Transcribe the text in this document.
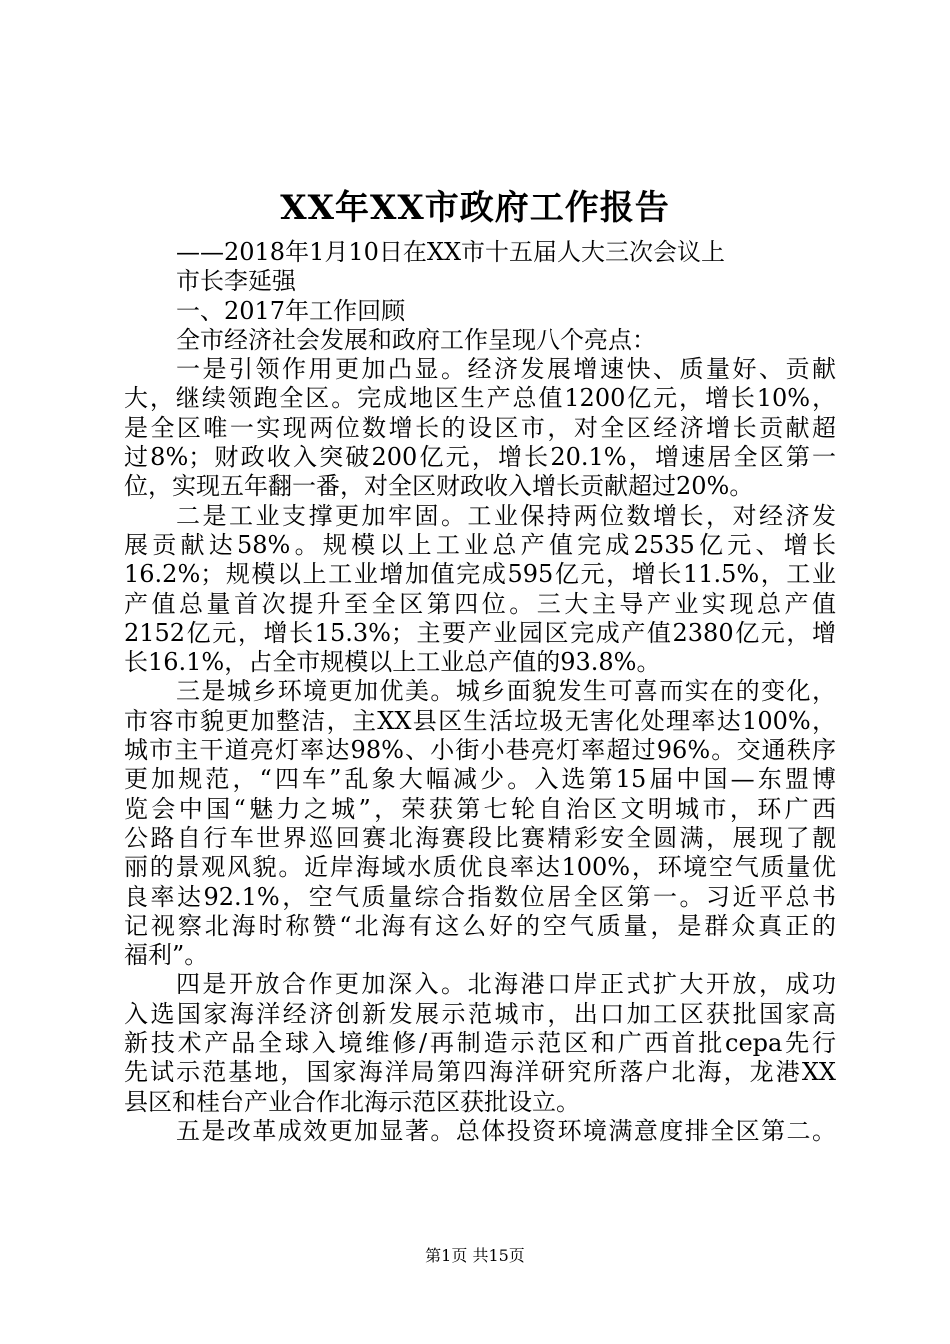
XX年XX市政府工作报告
——2018年1月10日在XX市十五届人大三次会议上
市长李延强
一、2017年工作回顾
全市经济社会发展和政府工作呈现八个亮点：
一是引领作用更加凸显。经济发展增速快、质量好、贡献
大，继续领跑全区。完成地区生产总值1200亿元，增长10%，
是全区唯一实现两位数增长的设区市，对全区经济增长贡献超
过8%；财政收入突破200亿元，增长20.1%，增速居全区第一
位，实现五年翻一番，对全区财政收入增长贡献超过20%。
二是工业支撑更加牢固。工业保持两位数增长，对经济发
展贡献达58%。规模以上工业总产值完成2535亿元、增长
16.2%；规模以上工业增加值完成595亿元，增长11.5%，工业
产值总量首次提升至全区第四位。三大主导产业实现总产值
2152亿元，增长15.3%；主要产业园区完成产值2380亿元，增
长16.1%，占全市规模以上工业总产值的93.8%。
三是城乡环境更加优美。城乡面貌发生可喜而实在的变化，
市容市貌更加整洁，主XX县区生活垃圾无害化处理率达100%，
城市主干道亮灯率达98%、小街小巷亮灯率超过96%。交通秩序
更加规范，“四车”乱象大幅减少。入选第15届中国—东盟博
览会中国“魅力之城”，荣获第七轮自治区文明城市，环广西
公路自行车世界巡回赛北海赛段比赛精彩安全圆满，展现了靓
丽的景观风貌。近岸海域水质优良率达100%，环境空气质量优
良率达92.1%，空气质量综合指数位居全区第一。习近平总书
记视察北海时称赞“北海有这么好的空气质量，是群众真正的
福利”。
四是开放合作更加深入。北海港口岸正式扩大开放，成功
入选国家海洋经济创新发展示范城市，出口加工区获批国家高
新技术产品全球入境维修/再制造示范区和广西首批cepa先行
先试示范基地，国家海洋局第四海洋研究所落户北海，龙港XX
县区和桂台产业合作北海示范区获批设立。
五是改革成效更加显著。总体投资环境满意度排全区第二。
第1页 共15页
